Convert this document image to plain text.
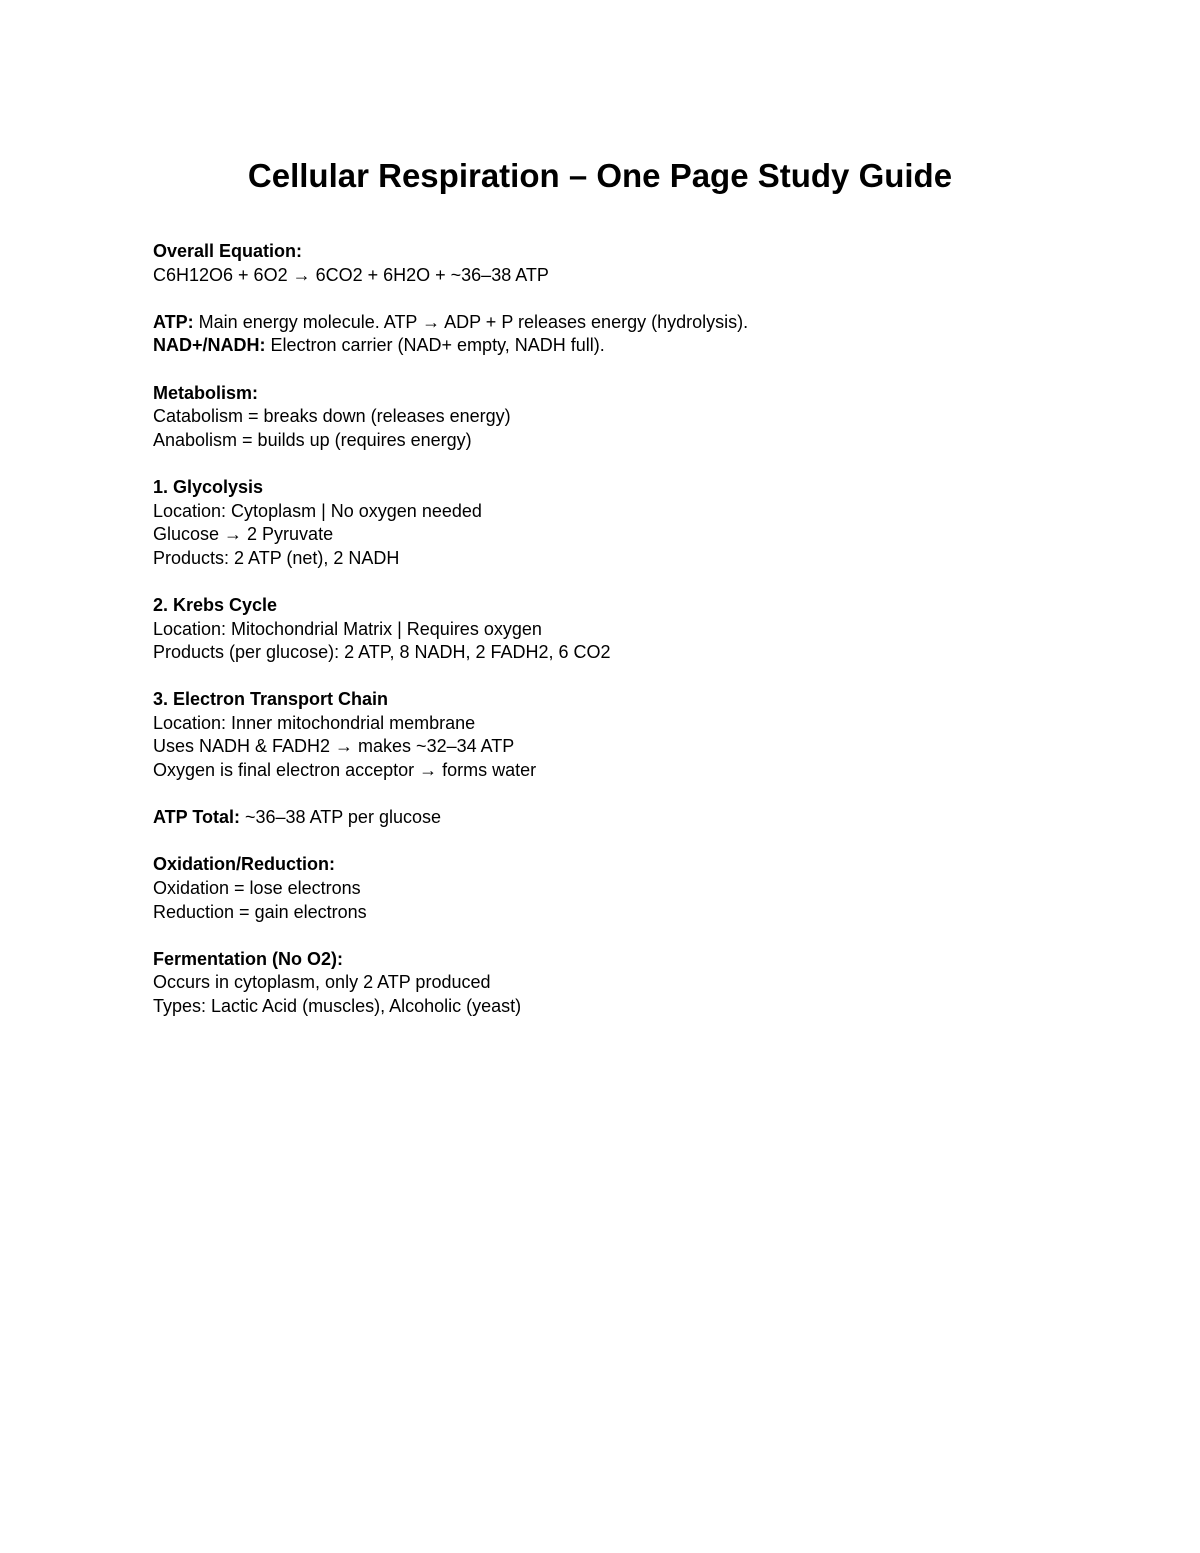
Cellular Respiration – One Page Study Guide

Overall Equation:

C6H12O6 + 6O2 → 6CO2 + 6H2O + ~36–38 ATP

ATP: Main energy molecule. ATP → ADP + P releases energy (hydrolysis).

NAD+/NADH: Electron carrier (NAD+ empty, NADH full).

Metabolism:

Catabolism = breaks down (releases energy)

Anabolism = builds up (requires energy)

1. Glycolysis

Location: Cytoplasm | No oxygen needed

Glucose → 2 Pyruvate

Products: 2 ATP (net), 2 NADH

2. Krebs Cycle

Location: Mitochondrial Matrix | Requires oxygen

Products (per glucose): 2 ATP, 8 NADH, 2 FADH2, 6 CO2

3. Electron Transport Chain

Location: Inner mitochondrial membrane

Uses NADH & FADH2 → makes ~32–34 ATP

Oxygen is final electron acceptor → forms water

ATP Total: ~36–38 ATP per glucose

Oxidation/Reduction:

Oxidation = lose electrons

Reduction = gain electrons

Fermentation (No O2):

Occurs in cytoplasm, only 2 ATP produced

Types: Lactic Acid (muscles), Alcoholic (yeast)
